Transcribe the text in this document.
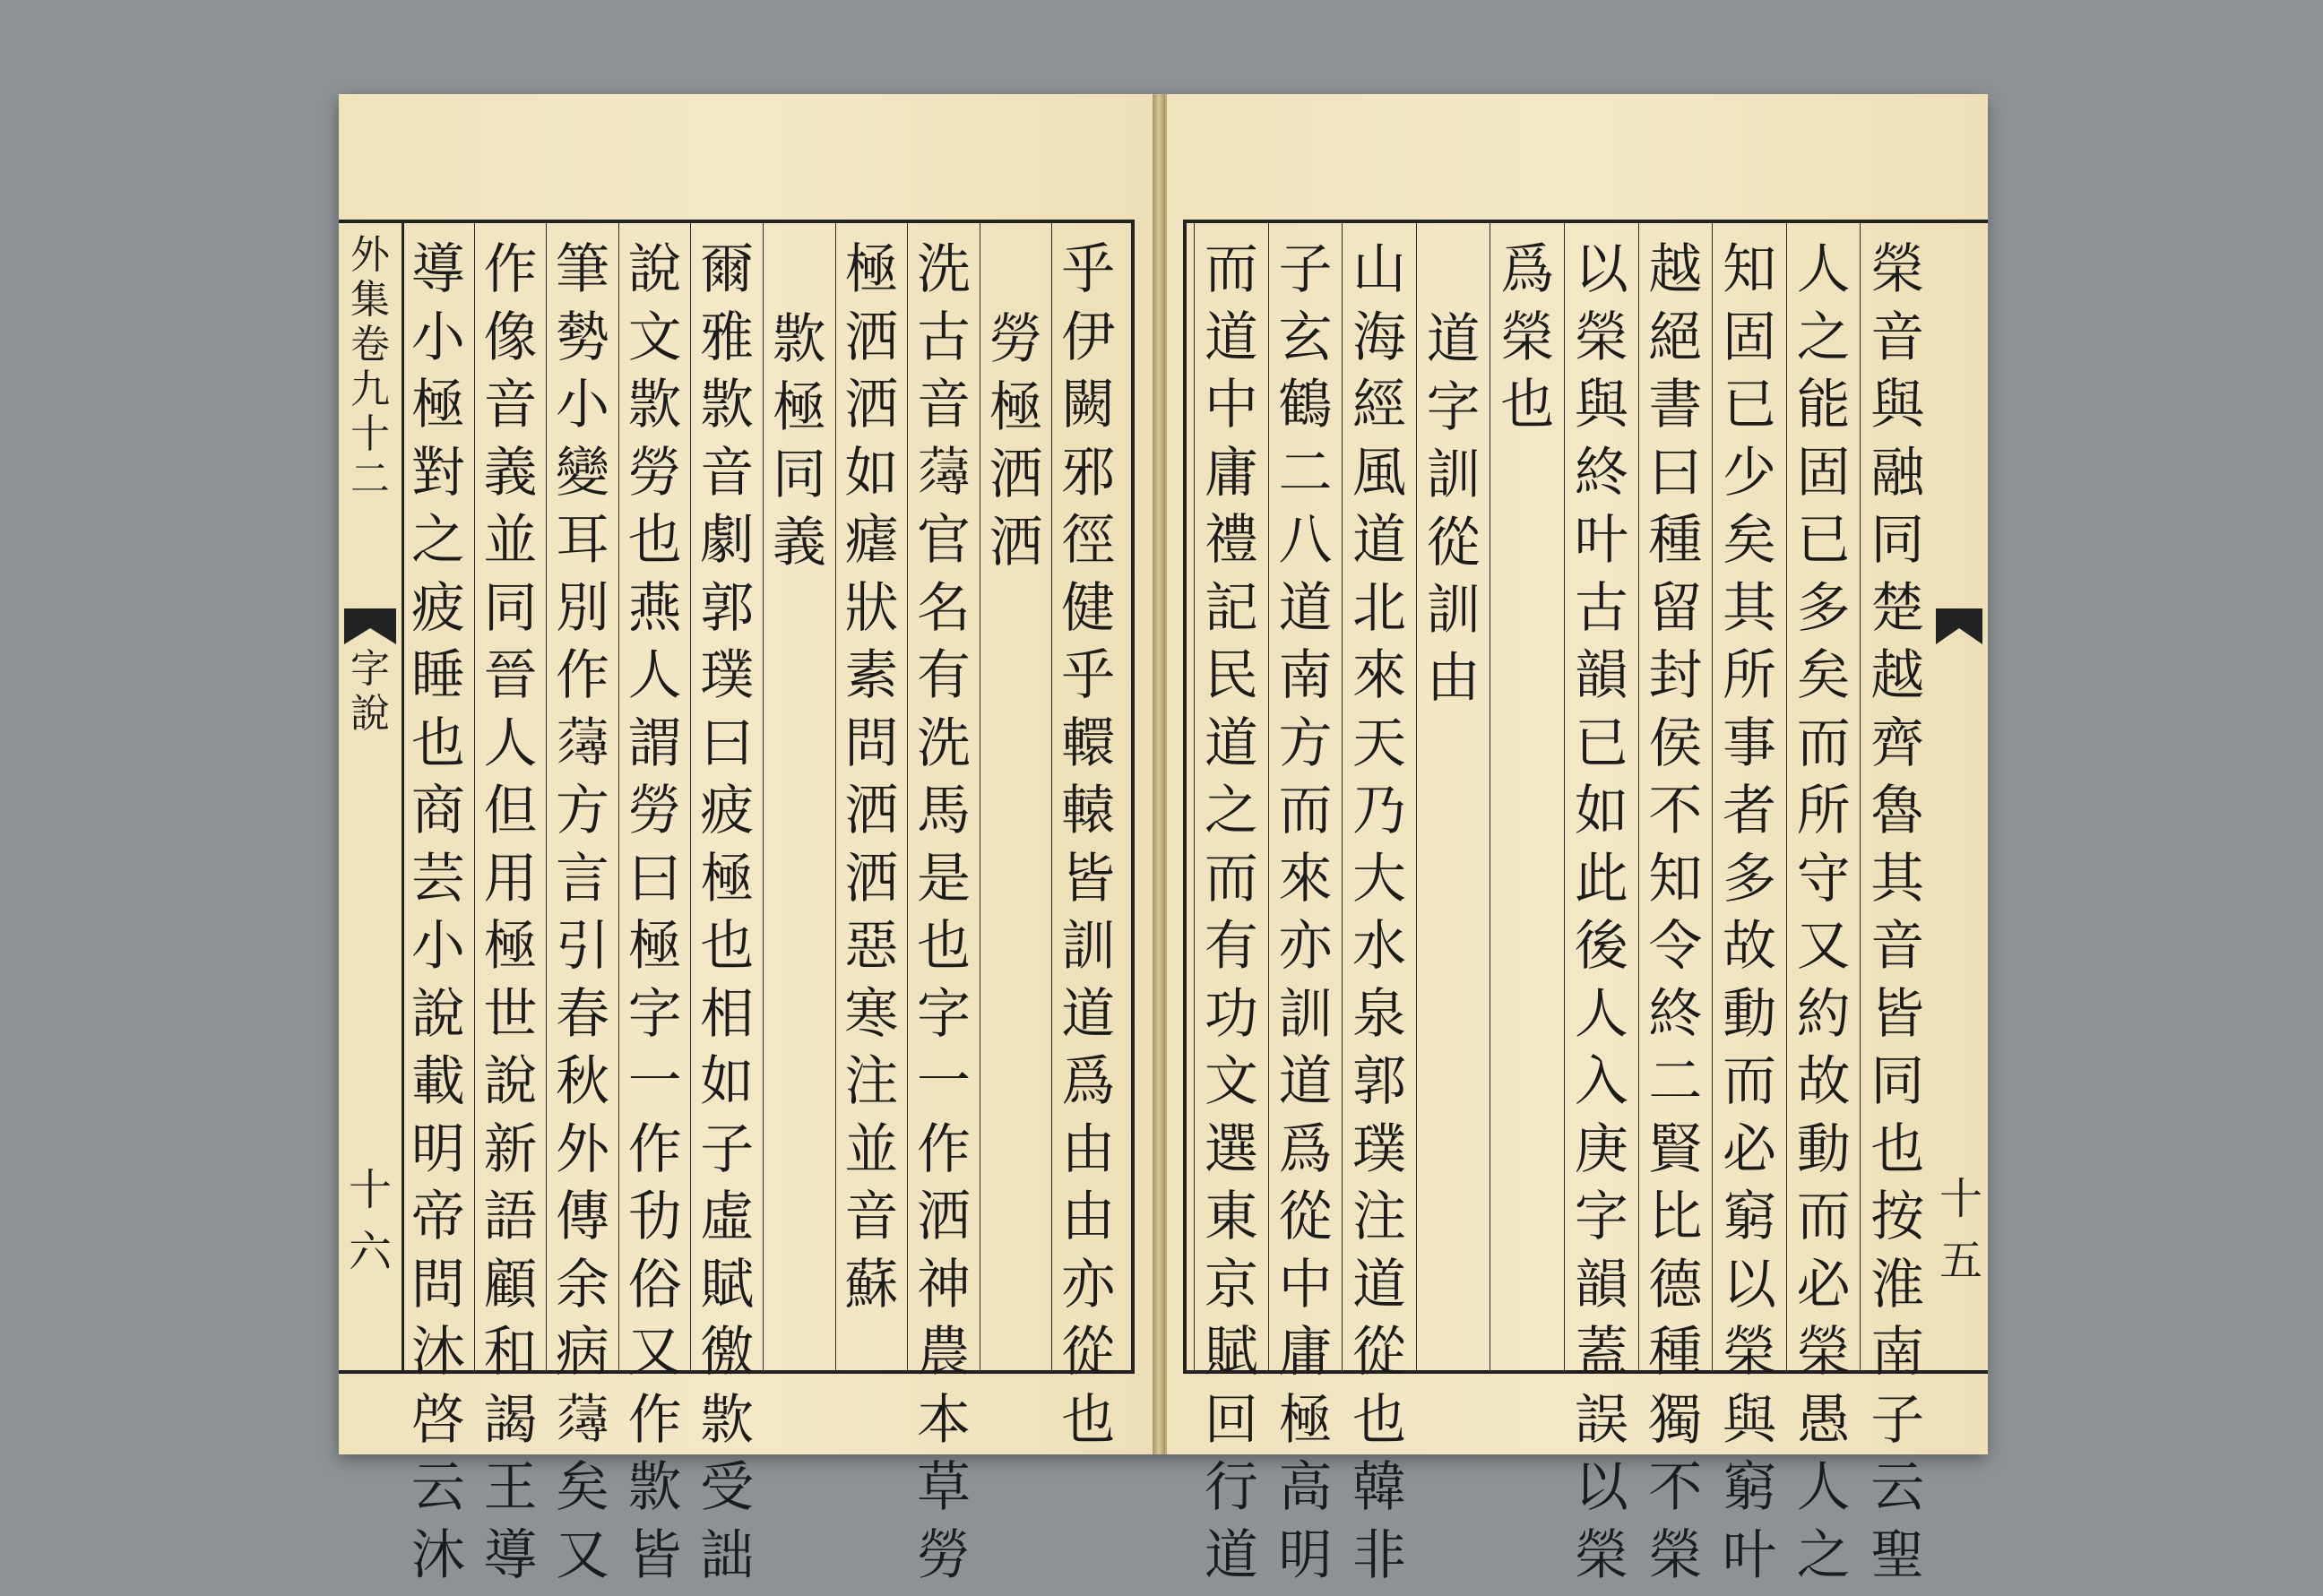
外
集
卷
九
十
二
字
說
十
六
乎
伊
闕
邪
徑
健
乎
轘
轅
皆
訓
道
爲
由
由
亦
從
也
勞
極
洒
洒
洗
古
音
𧀷
官
名
有
洗
馬
是
也
字
一
作
洒
神
農
本
草
勞
極
洒
洒
如
瘧
狀
素
問
洒
洒
惡
寒
注
並
音
蘇
㱁
極
同
義
爾
雅
㱁
音
劇
郭
璞
曰
疲
極
也
相
如
子
虛
賦
徼
㱁
受
詘
說
文
㱁
勞
也
燕
人
謂
勞
曰
極
字
一
作
㔓
俗
又
作
㱁
皆
筆
勢
小
變
耳
別
作
𧀷
方
言
引
春
秋
外
傳
余
病
𧀷
矣
又
作
像
音
義
並
同
晉
人
但
用
極
世
說
新
語
顧
和
謁
王
導
導
小
極
對
之
疲
睡
也
商
芸
小
說
載
明
帝
問
沐
啓
云
沐
榮
音
與
融
同
楚
越
齊
魯
其
音
皆
同
也
按
淮
南
子
云
聖
人
之
能
固
已
多
矣
而
所
守
又
約
故
動
而
必
榮
愚
人
之
知
固
已
少
矣
其
所
事
者
多
故
動
而
必
窮
以
榮
與
窮
叶
越
絕
書
曰
種
留
封
侯
不
知
令
終
二
賢
比
德
種
獨
不
榮
以
榮
與
終
叶
古
韻
已
如
此
後
人
入
庚
字
韻
蓋
誤
以
榮
爲
榮
也
道
字
訓
從
訓
由
山
海
經
風
道
北
來
天
乃
大
水
泉
郭
璞
注
道
從
也
韓
非
子
玄
鶴
二
八
道
南
方
而
來
亦
訓
道
爲
從
中
庸
極
高
明
而
道
中
庸
禮
記
民
道
之
而
有
功
文
選
東
京
賦
回
行
道
十
五
